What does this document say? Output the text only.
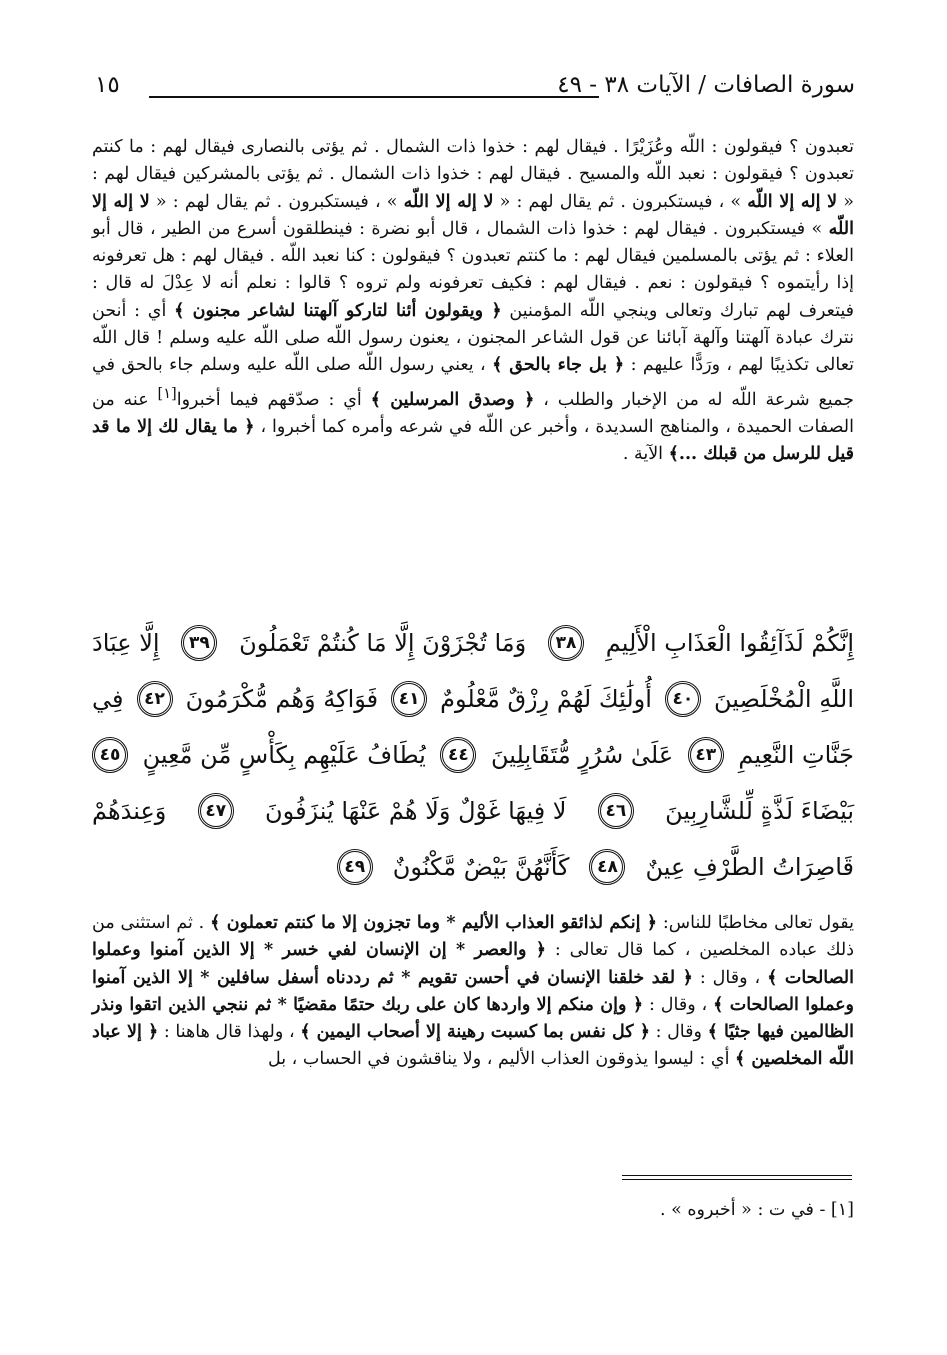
١٥	سورة الصافات / الآيات ٣٨ - ٤٩

تعبدون ؟ فيقولون : اللّه وعُزَيْرًا . فيقال لهم : خذوا ذات الشمال . ثم يؤتى بالنصارى فيقال لهم : ما كنتم تعبدون ؟ فيقولون : نعبد اللّه والمسيح . فيقال لهم : خذوا ذات الشمال . ثم يؤتى بالمشركين فيقال لهم : « لا إله إلا اللّه » ، فيستكبرون . ثم يقال لهم : « لا إله إلا اللّه » ، فيستكبرون . ثم يقال لهم : « لا إله إلا اللّه » فيستكبرون . فيقال لهم : خذوا ذات الشمال ، قال أبو نضرة : فينطلقون أسرع من الطير ، قال أبو العلاء : ثم يؤتى بالمسلمين فيقال لهم : ما كنتم تعبدون ؟ فيقولون : كنا نعبد اللّه . فيقال لهم : هل تعرفونه إذا رأيتموه ؟ فيقولون : نعم . فيقال لهم : فكيف تعرفونه ولم تروه ؟ قالوا : نعلم أنه لا عِدْلَ له قال : فيتعرف لهم تبارك وتعالى وينجي اللّه المؤمنين ﴿ ويقولون أئنا لتاركو آلهتنا لشاعر مجنون ﴾ أي : أنحن نترك عبادة آلهتنا وآلهة آبائنا عن قول الشاعر المجنون ، يعنون رسول اللّه صلى اللّه عليه وسلم ! قال اللّه تعالى تكذيبًا لهم ، ورَدًّا عليهم : ﴿ بل جاء بالحق ﴾ ، يعني رسول اللّه صلى اللّه عليه وسلم جاء بالحق في جميع شرعة اللّه له من الإخبار والطلب ، ﴿ وصدق المرسلين ﴾ أي : صدّقهم فيما أخبروا[١] عنه من الصفات الحميدة ، والمناهج السديدة ، وأخبر عن اللّه في شرعه وأمره كما أخبروا ، ﴿ ما يقال لك إلا ما قد قيل للرسل من قبلك ...﴾ الآية .

إِنَّكُمْ لَذَآئِقُوا الْعَذَابِ الْأَلِيمِ
٣٨
وَمَا تُجْزَوْنَ إِلَّا مَا كُنتُمْ تَعْمَلُونَ
٣٩
إِلَّا عِبَادَ
اللَّهِ الْمُخْلَصِينَ
٤٠
أُولَٰئِكَ لَهُمْ رِزْقٌ مَّعْلُومٌ
٤١
فَوَاكِهُ وَهُم مُّكْرَمُونَ
٤٢
فِي
جَنَّاتِ النَّعِيمِ
٤٣
عَلَىٰ سُرُرٍ مُّتَقَابِلِينَ
٤٤
يُطَافُ عَلَيْهِم بِكَأْسٍ مِّن مَّعِينٍ
٤٥
بَيْضَاءَ لَذَّةٍ لِّلشَّارِبِينَ
٤٦
لَا فِيهَا غَوْلٌ وَلَا هُمْ عَنْهَا يُنزَفُونَ
٤٧
وَعِندَهُمْ
قَاصِرَاتُ الطَّرْفِ عِينٌ
٤٨
كَأَنَّهُنَّ بَيْضٌ مَّكْنُونٌ
٤٩

يقول تعالى مخاطبًا للناس: ﴿ إنكم لذائقو العذاب الأليم * وما تجزون إلا ما كنتم تعملون ﴾ . ثم استثنى من ذلك عباده المخلصين ، كما قال تعالى : ﴿ والعصر * إن الإنسان لفي خسر * إلا الذين آمنوا وعملوا الصالحات ﴾ ، وقال : ﴿ لقد خلقنا الإنسان في أحسن تقويم * ثم رددناه أسفل سافلين * إلا الذين آمنوا وعملوا الصالحات ﴾ ، وقال : ﴿ وإن منكم إلا واردها كان على ربك حتمًا مقضيًا * ثم ننجي الذين اتقوا ونذر الظالمين فيها جثيًا ﴾ وقال : ﴿ كل نفس بما كسبت رهينة إلا أصحاب اليمين ﴾ ، ولهذا قال هاهنا : ﴿ إلا عباد اللّه المخلصين ﴾ أي : ليسوا يذوقون العذاب الأليم ، ولا يناقشون في الحساب ، بل

[١] - في ت : « أخبروه » .
